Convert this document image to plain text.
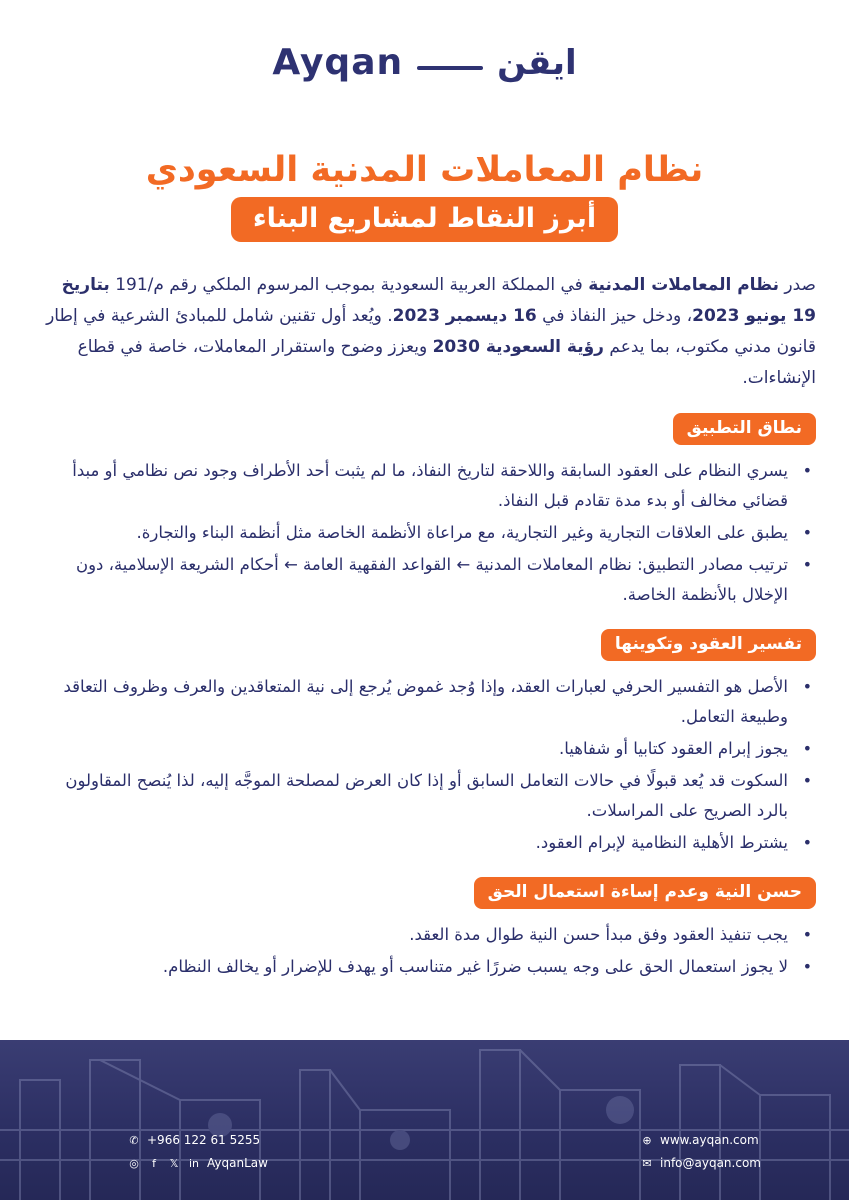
Ayqan	ايقن
نظام المعاملات المدنية السعودي
أبرز النقاط لمشاريع البناء

صدر نظام المعاملات المدنية في المملكة العربية السعودية بموجب المرسوم الملكي رقم م/191 بتاريخ 19 يونيو 2023، ودخل حيز النفاذ في 16 ديسمبر 2023. ويُعد أول تقنين شامل للمبادئ الشرعية في إطار قانون مدني مكتوب، بما يدعم رؤية السعودية 2030 ويعزز وضوح واستقرار المعاملات، خاصة في قطاع الإنشاءات.

نطاق التطبيق
• يسري النظام على العقود السابقة واللاحقة لتاريخ النفاذ، ما لم يثبت أحد الأطراف وجود نص نظامي أو مبدأ قضائي مخالف أو بدء مدة تقادم قبل النفاذ.
• يطبق على العلاقات التجارية وغير التجارية، مع مراعاة الأنظمة الخاصة مثل أنظمة البناء والتجارة.
• ترتيب مصادر التطبيق: نظام المعاملات المدنية ← القواعد الفقهية العامة ← أحكام الشريعة الإسلامية، دون الإخلال بالأنظمة الخاصة.
تفسير العقود وتكوينها
• الأصل هو التفسير الحرفي لعبارات العقد، وإذا وُجد غموض يُرجع إلى نية المتعاقدين والعرف وظروف التعاقد وطبيعة التعامل.
• يجوز إبرام العقود كتابيا أو شفاهيا.
• السكوت قد يُعد قبولًا في حالات التعامل السابق أو إذا كان العرض لمصلحة الموجَّه إليه، لذا يُنصح المقاولون بالرد الصريح على المراسلات.
• يشترط الأهلية النظامية لإبرام العقود.
حسن النية وعدم إساءة استعمال الحق
• يجب تنفيذ العقود وفق مبدأ حسن النية طوال مدة العقد.
• لا يجوز استعمال الحق على وجه يسبب ضررًا غير متناسب أو يهدف للإضرار أو يخالف النظام.
✆ +966 122 61 5255
◎	f	𝕏 in AyqanLaw
⊕ www.ayqan.com
✉ info@ayqan.com
